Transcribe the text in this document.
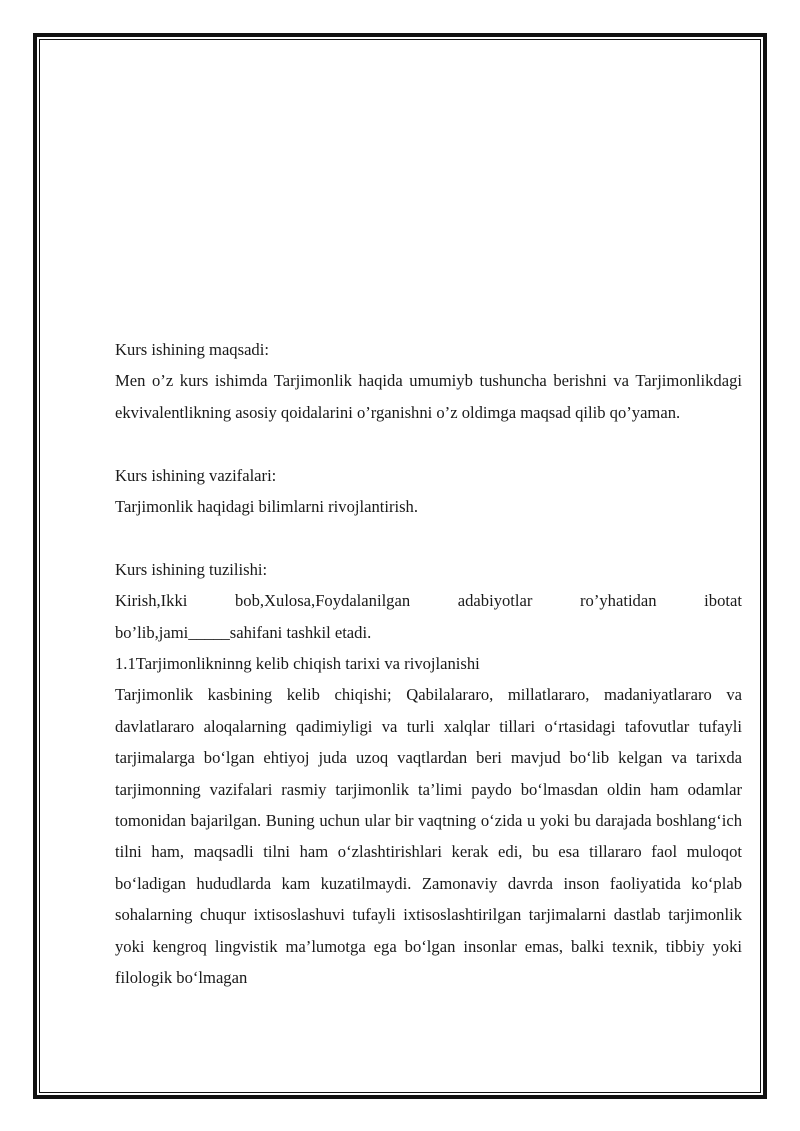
Kurs ishining maqsadi:

Men o’z kurs ishimda Tarjimonlik haqida umumiyb tushuncha berishni va Tarjimonlikdagi ekvivalentlikning asosiy qoidalarini o’rganishni o’z oldimga maqsad qilib qo’yaman.

Kurs ishining vazifalari:

Tarjimonlik haqidagi bilimlarni rivojlantirish.

Kurs ishining tuzilishi:

Kirish,Ikki	bob,Xulosa,Foydalanilgan	adabiyotlar	ro’yhatidan	ibotat

bo’lib,jami_____sahifani tashkil etadi.

1.1Tarjimonlikninng kelib chiqish tarixi va rivojlanishi

Tarjimonlik kasbining kelib chiqishi; Qabilalararo, millatlararo, madaniyatlararo va davlatlararo aloqalarning qadimiyligi va turli xalqlar tillari o‘rtasidagi tafovutlar tufayli tarjimalarga bo‘lgan ehtiyoj juda uzoq vaqtlardan beri mavjud bo‘lib kelgan va tarixda tarjimonning vazifalari rasmiy tarjimonlik ta’limi paydo bo‘lmasdan oldin ham odamlar tomonidan bajarilgan. Buning uchun ular bir vaqtning o‘zida u yoki bu darajada boshlang‘ich tilni ham, maqsadli tilni ham o‘zlashtirishlari kerak edi, bu esa tillararo faol muloqot bo‘ladigan hududlarda kam kuzatilmaydi. Zamonaviy davrda inson faoliyatida ko‘plab sohalarning chuqur ixtisoslashuvi tufayli ixtisoslashtirilgan tarjimalarni dastlab tarjimonlik yoki kengroq lingvistik ma’lumotga ega bo‘lgan insonlar emas, balki texnik, tibbiy yoki filologik bo‘lmagan
